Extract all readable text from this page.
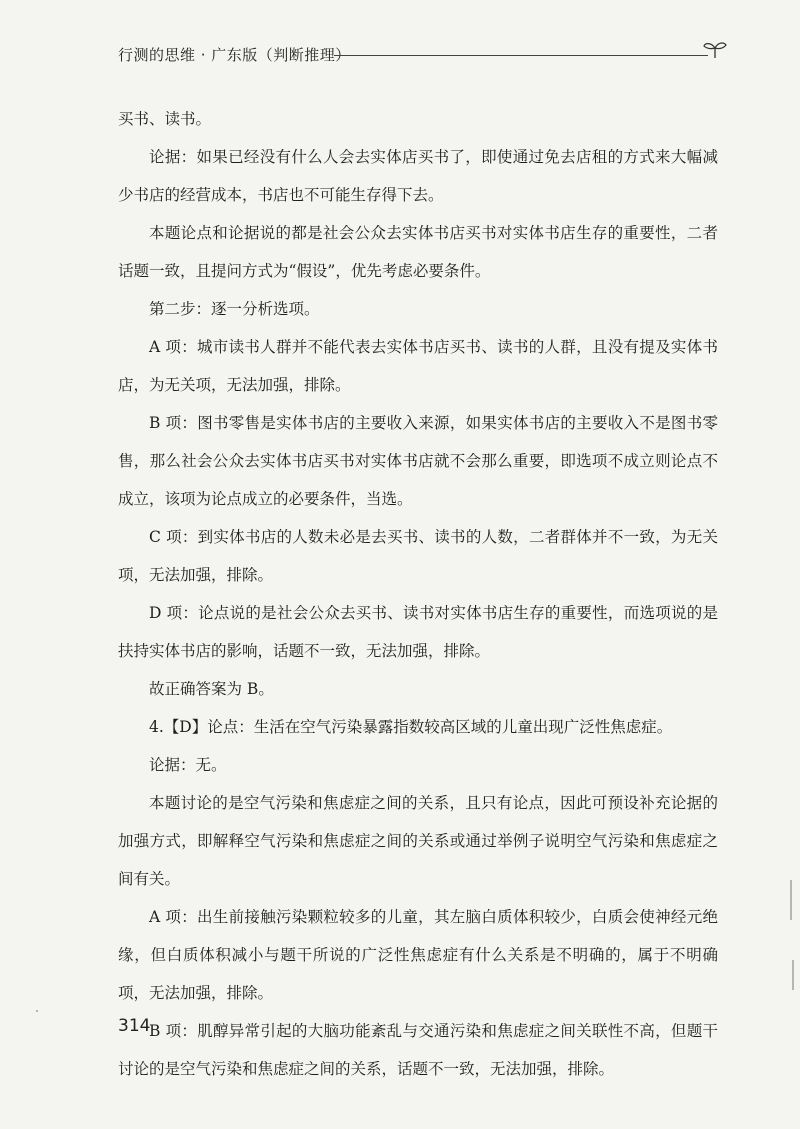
行测的思维 · 广东版（判断推理）

买书、读书。

论据：如果已经没有什么人会去实体店买书了，即使通过免去店租的方式来大幅减少书店的经营成本，书店也不可能生存得下去。

本题论点和论据说的都是社会公众去实体书店买书对实体书店生存的重要性，二者话题一致，且提问方式为“假设”，优先考虑必要条件。

第二步：逐一分析选项。

A 项：城市读书人群并不能代表去实体书店买书、读书的人群，且没有提及实体书店，为无关项，无法加强，排除。

B 项：图书零售是实体书店的主要收入来源，如果实体书店的主要收入不是图书零售，那么社会公众去实体书店买书对实体书店就不会那么重要，即选项不成立则论点不成立，该项为论点成立的必要条件，当选。

C 项：到实体书店的人数未必是去买书、读书的人数，二者群体并不一致，为无关项，无法加强，排除。

D 项：论点说的是社会公众去买书、读书对实体书店生存的重要性，而选项说的是扶持实体书店的影响，话题不一致，无法加强，排除。

故正确答案为 B。

4.【D】论点：生活在空气污染暴露指数较高区域的儿童出现广泛性焦虑症。

论据：无。

本题讨论的是空气污染和焦虑症之间的关系，且只有论点，因此可预设补充论据的加强方式，即解释空气污染和焦虑症之间的关系或通过举例子说明空气污染和焦虑症之间有关。

A 项：出生前接触污染颗粒较多的儿童，其左脑白质体积较少，白质会使神经元绝缘，但白质体积减小与题干所说的广泛性焦虑症有什么关系是不明确的，属于不明确项，无法加强，排除。

B 项：肌醇异常引起的大脑功能紊乱与交通污染和焦虑症之间关联性不高，但题干讨论的是空气污染和焦虑症之间的关系，话题不一致，无法加强，排除。

314
